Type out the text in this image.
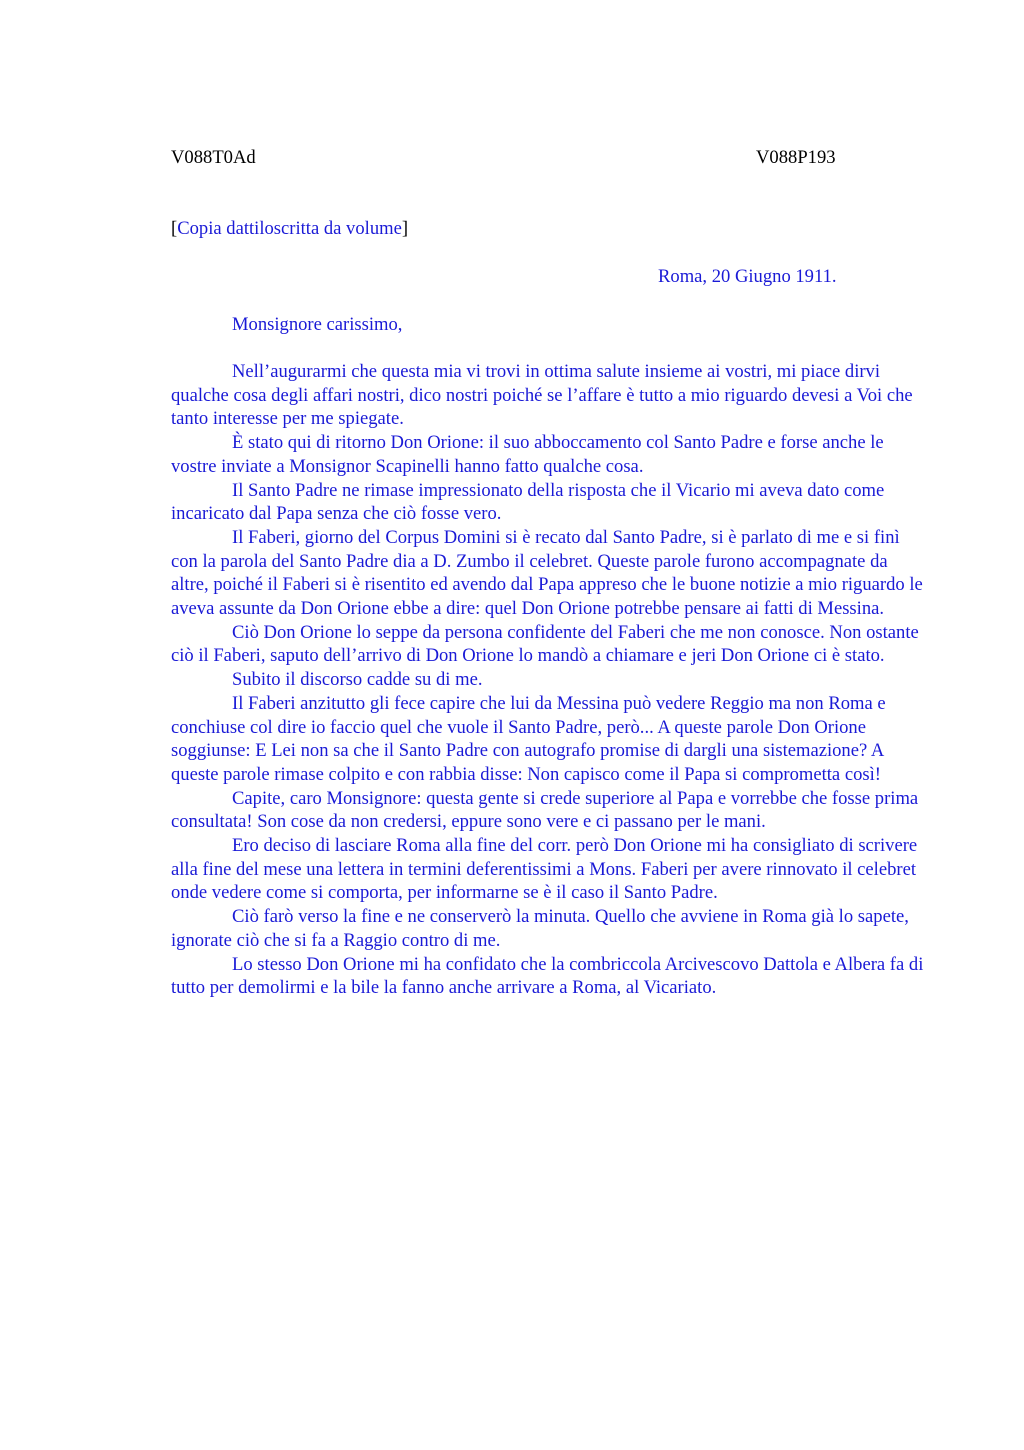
V088T0Ad	V088P193
[Copia dattiloscritta da volume]
Roma, 20 Giugno 1911.
Monsignore carissimo,

Nell’augurarmi che questa mia vi trovi in ottima salute insieme ai vostri, mi piace dirvi qualche cosa degli affari nostri, dico nostri poiché se l’affare è tutto a mio riguardo devesi a Voi che tanto interesse per me spiegate.

È stato qui di ritorno Don Orione: il suo abboccamento col Santo Padre e forse anche le vostre inviate a Monsignor Scapinelli hanno fatto qualche cosa.

Il Santo Padre ne rimase impressionato della risposta che il Vicario mi aveva dato come incaricato dal Papa senza che ciò fosse vero.

Il Faberi, giorno del Corpus Domini si è recato dal Santo Padre, si è parlato di me e si finì con la parola del Santo Padre dia a D. Zumbo il celebret. Queste parole furono accompagnate da altre, poiché il Faberi si è risentito ed avendo dal Papa appreso che le buone notizie a mio riguardo le aveva assunte da Don Orione ebbe a dire: quel Don Orione potrebbe pensare ai fatti di Messina.

Ciò Don Orione lo seppe da persona confidente del Faberi che me non conosce. Non ostante ciò il Faberi, saputo dell’arrivo di Don Orione lo mandò a chiamare e jeri Don Orione ci è stato.

Subito il discorso cadde su di me.

Il Faberi anzitutto gli fece capire che lui da Messina può vedere Reggio ma non Roma e conchiuse col dire io faccio quel che vuole il Santo Padre, però... A queste parole Don Orione soggiunse: E Lei non sa che il Santo Padre con autografo promise di dargli una sistemazione? A queste parole rimase colpito e con rabbia disse: Non capisco come il Papa si comprometta così!

Capite, caro Monsignore: questa gente si crede superiore al Papa e vorrebbe che fosse prima consultata! Son cose da non credersi, eppure sono vere e ci passano per le mani.

Ero deciso di lasciare Roma alla fine del corr. però Don Orione mi ha consigliato di scrivere alla fine del mese una lettera in termini deferentissimi a Mons. Faberi per avere rinnovato il celebret onde vedere come si comporta, per informarne se è il caso il Santo Padre.

Ciò farò verso la fine e ne conserverò la minuta. Quello che avviene in Roma già lo sapete, ignorate ciò che si fa a Raggio contro di me.

Lo stesso Don Orione mi ha confidato che la combriccola Arcivescovo Dattola e Albera fa di tutto per demolirmi e la bile la fanno anche arrivare a Roma, al Vicariato.
